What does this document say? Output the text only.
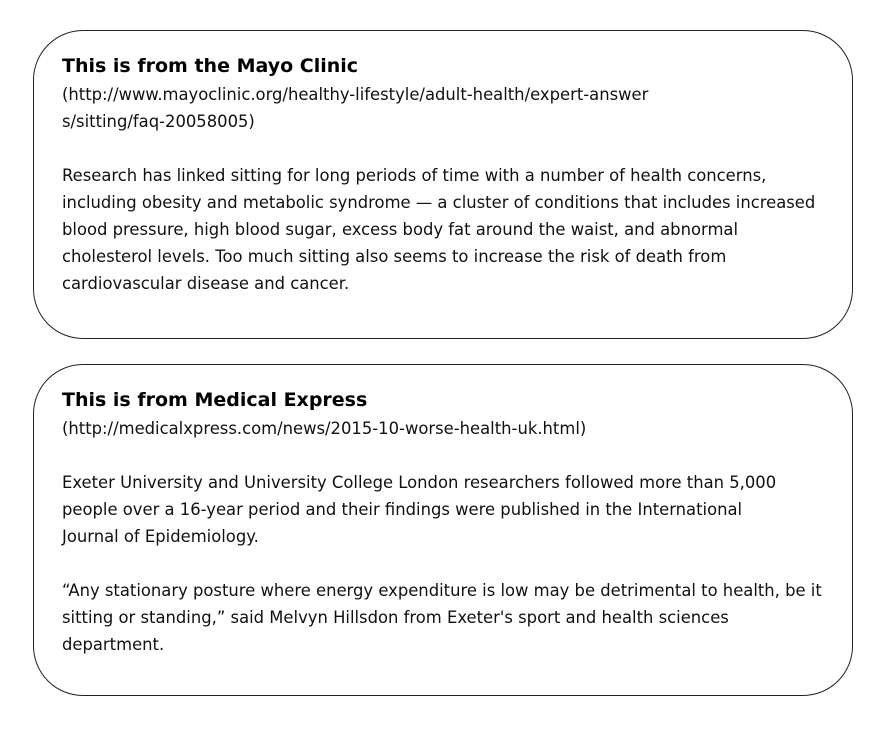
This is from the Mayo Clinic

(http://www.mayoclinic.org/healthy-lifestyle/adult-health/expert-answers/sitting/faq-20058005)

Research has linked sitting for long periods of time with a number of health concerns, including obesity and metabolic syndrome — a cluster of conditions that includes increased blood pressure, high blood sugar, excess body fat around the waist, and abnormal cholesterol levels. Too much sitting also seems to increase the risk of death from cardiovascular disease and cancer.

This is from Medical Express

(http://medicalxpress.com/news/2015-10-worse-health-uk.html)

Exeter University and University College London researchers followed more than 5,000 people over a 16-year period and their findings were published in the International Journal of Epidemiology.

“Any stationary posture where energy expenditure is low may be detrimental to health, be it sitting or standing,” said Melvyn Hillsdon from Exeter's sport and health sciences department.
